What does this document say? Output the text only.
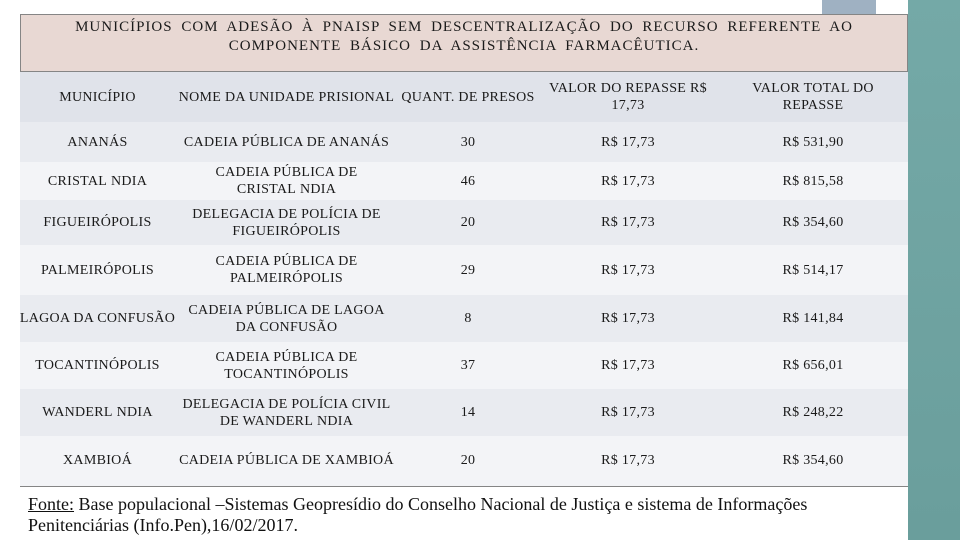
MUNICÍPIOS COM ADESÃO À PNAISP SEM DESCENTRALIZAÇÃO DO RECURSO REFERENTE AO
COMPONENTE BÁSICO DA ASSISTÊNCIA FARMACÊUTICA.
MUNICÍPIO	NOME DA UNIDADE PRISIONAL	QUANT. DE PRESOS	VALOR DO REPASSE R$ 17,73	VALOR TOTAL DO REPASSE

ANANÁS	CADEIA PÚBLICA DE ANANÁS	30	R$ 17,73	R$ 531,90

CRISTAL NDIA	CADEIA PÚBLICA DE CRISTAL NDIA	46	R$ 17,73	R$ 815,58

FIGUEIRÓPOLIS	DELEGACIA DE POLÍCIA DE FIGUEIRÓPOLIS	20	R$ 17,73	R$ 354,60

PALMEIRÓPOLIS	CADEIA PÚBLICA DE PALMEIRÓPOLIS	29	R$ 17,73	R$ 514,17

LAGOA DA CONFUSÃO	CADEIA PÚBLICA DE LAGOA DA CONFUSÃO	8	R$ 17,73	R$ 141,84

TOCANTINÓPOLIS	CADEIA PÚBLICA DE TOCANTINÓPOLIS	37	R$ 17,73	R$ 656,01

WANDERL NDIA	DELEGACIA DE POLÍCIA CIVIL DE WANDERL NDIA	14	R$ 17,73	R$ 248,22

XAMBIOÁ	CADEIA PÚBLICA DE XAMBIOÁ	20	R$ 17,73	R$ 354,60
Fonte: Base populacional –Sistemas Geopresídio do Conselho Nacional de Justiça e sistema de Informações Penitenciárias (Info.Pen),16/02/2017.
